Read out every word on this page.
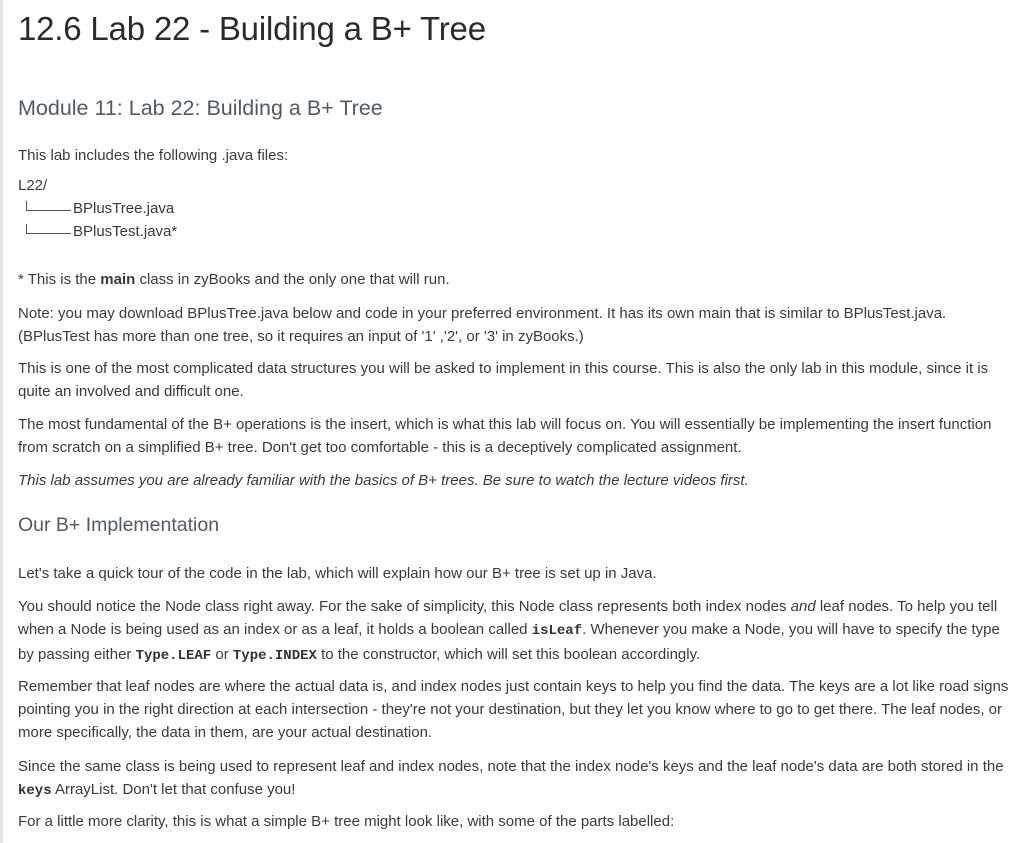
12.6 Lab 22 - Building a B+ Tree
Module 11: Lab 22: Building a B+ Tree

This lab includes the following .java files:

L22/
BPlusTree.java
BPlusTest.java*

* This is the main class in zyBooks and the only one that will run.

Note: you may download BPlusTree.java below and code in your preferred environment. It has its own main that is similar to BPlusTest.java. (BPlusTest has more than one tree, so it requires an input of '1' ,'2', or '3' in zyBooks.)

This is one of the most complicated data structures you will be asked to implement in this course. This is also the only lab in this module, since it is quite an involved and difficult one.

The most fundamental of the B+ operations is the insert, which is what this lab will focus on. You will essentially be implementing the insert function from scratch on a simplified B+ tree. Don't get too comfortable - this is a deceptively complicated assignment.

This lab assumes you are already familiar with the basics of B+ trees. Be sure to watch the lecture videos first.

Our B+ Implementation

Let's take a quick tour of the code in the lab, which will explain how our B+ tree is set up in Java.

You should notice the Node class right away. For the sake of simplicity, this Node class represents both index nodes and leaf nodes. To help you tell when a Node is being used as an index or as a leaf, it holds a boolean called isLeaf. Whenever you make a Node, you will have to specify the type by passing either Type.LEAF or Type.INDEX to the constructor, which will set this boolean accordingly.

Remember that leaf nodes are where the actual data is, and index nodes just contain keys to help you find the data. The keys are a lot like road signs pointing you in the right direction at each intersection - they're not your destination, but they let you know where to go to get there. The leaf nodes, or more specifically, the data in them, are your actual destination.

Since the same class is being used to represent leaf and index nodes, note that the index node's keys and the leaf node's data are both stored in the keys ArrayList. Don't let that confuse you!

For a little more clarity, this is what a simple B+ tree might look like, with some of the parts labelled:
